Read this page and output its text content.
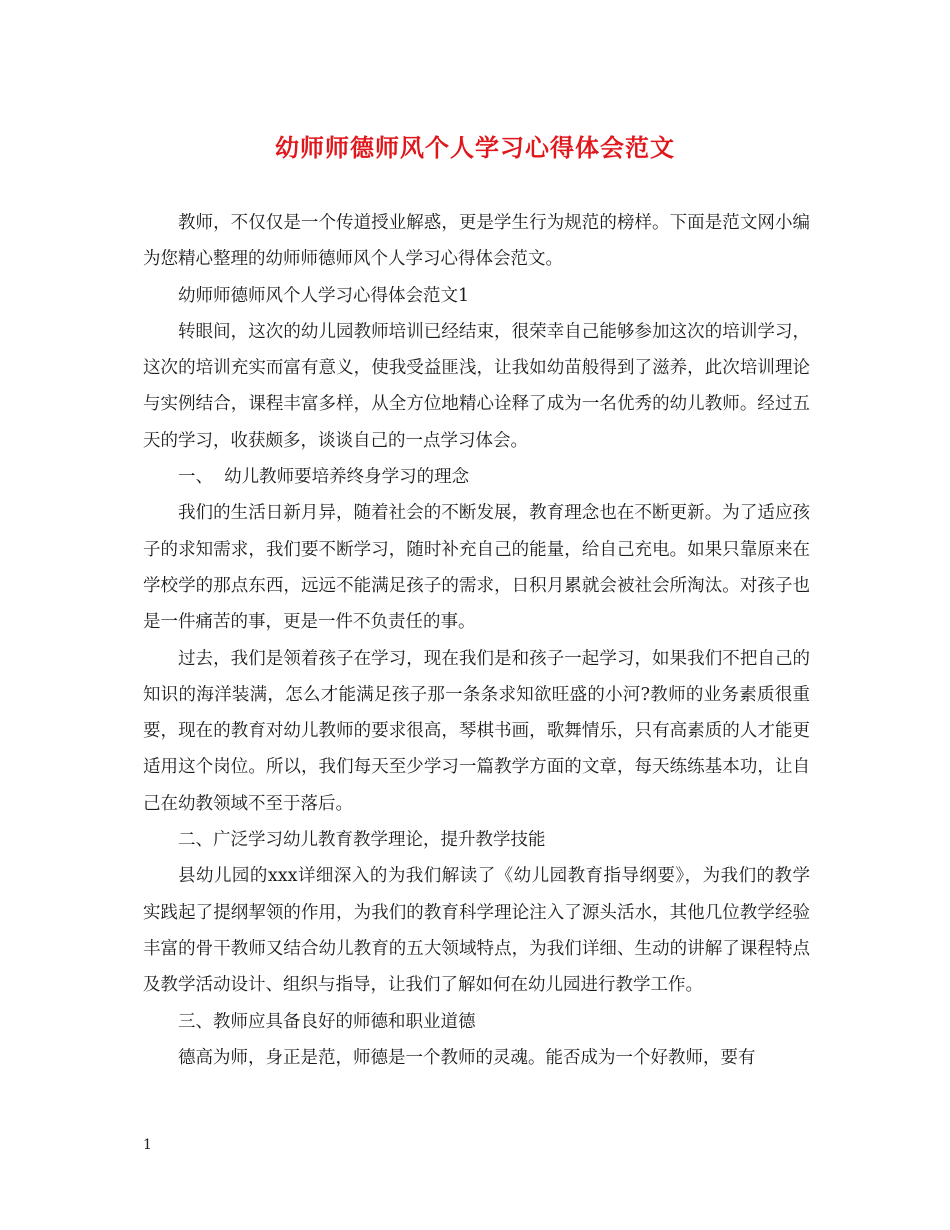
幼师师德师风个人学习心得体会范文

教师，不仅仅是一个传道授业解惑，更是学生行为规范的榜样。下面是范文网小编为您精心整理的幼师师德师风个人学习心得体会范文。

幼师师德师风个人学习心得体会范文1

转眼间，这次的幼儿园教师培训已经结束，很荣幸自己能够参加这次的培训学习，这次的培训充实而富有意义，使我受益匪浅，让我如幼苗般得到了滋养，此次培训理论与实例结合，课程丰富多样，从全方位地精心诠释了成为一名优秀的幼儿教师。经过五天的学习，收获颇多，谈谈自己的一点学习体会。

一、  幼儿教师要培养终身学习的理念

我们的生活日新月异，随着社会的不断发展，教育理念也在不断更新。为了适应孩子的求知需求，我们要不断学习，随时补充自己的能量，给自己充电。如果只靠原来在学校学的那点东西，远远不能满足孩子的需求，日积月累就会被社会所淘汰。对孩子也是一件痛苦的事，更是一件不负责任的事。

过去，我们是领着孩子在学习，现在我们是和孩子一起学习，如果我们不把自己的知识的海洋装满，怎么才能满足孩子那一条条求知欲旺盛的小河?教师的业务素质很重要，现在的教育对幼儿教师的要求很高，琴棋书画，歌舞情乐，只有高素质的人才能更适用这个岗位。所以，我们每天至少学习一篇教学方面的文章，每天练练基本功，让自己在幼教领域不至于落后。

二、广泛学习幼儿教育教学理论，提升教学技能

县幼儿园的xxx详细深入的为我们解读了《幼儿园教育指导纲要》，为我们的教学实践起了提纲挈领的作用，为我们的教育科学理论注入了源头活水，其他几位教学经验丰富的骨干教师又结合幼儿教育的五大领域特点，为我们详细、生动的讲解了课程特点及教学活动设计、组织与指导，让我们了解如何在幼儿园进行教学工作。

三、教师应具备良好的师德和职业道德

德高为师，身正是范，师德是一个教师的灵魂。能否成为一个好教师，要有

1
